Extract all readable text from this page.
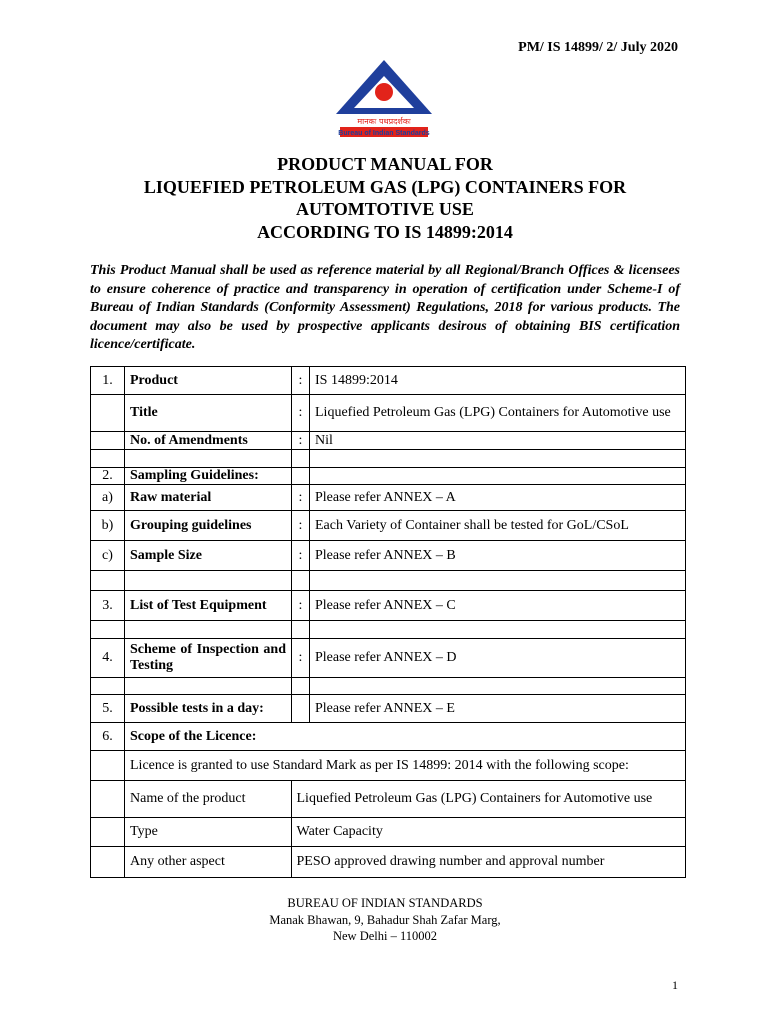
PM/ IS 14899/ 2/ July 2020
मानकः पथप्रदर्शकः
Bureau of Indian Standards
PRODUCT MANUAL FOR
LIQUEFIED PETROLEUM GAS (LPG) CONTAINERS FOR
AUTOMTOTIVE USE
ACCORDING TO IS 14899:2014
This Product Manual shall be used as reference material by all Regional/Branch Offices & licensees to ensure coherence of practice and transparency in operation of certification under Scheme-I of Bureau of Indian Standards (Conformity Assessment) Regulations, 2018 for various products. The document may also be used by prospective applicants desirous of obtaining BIS certification licence/certificate.
1.	Product	:	IS 14899:2014
	Title	:	Liquefied Petroleum Gas (LPG) Containers for Automotive use
	No. of Amendments	:	Nil

2.	Sampling Guidelines:		
a)	Raw material	:	Please refer ANNEX – A
b)	Grouping guidelines	:	Each Variety of Container shall be tested for GoL/CSoL
c)	Sample Size	:	Please refer ANNEX – B

3.	List of Test Equipment	:	Please refer ANNEX – C

4.	Scheme of Inspection and Testing	:	Please refer ANNEX – D

5.	Possible tests in a day:		Please refer ANNEX – E
6.	Scope of the Licence:
	Licence is granted to use Standard Mark as per IS 14899: 2014 with the following scope:

Name of the product	Liquefied Petroleum Gas (LPG) Containers for Automotive use

Type	Water Capacity

Any other aspect	PESO approved drawing number and approval number
BUREAU OF INDIAN STANDARDS
Manak Bhawan, 9, Bahadur Shah Zafar Marg,
New Delhi – 110002
1
